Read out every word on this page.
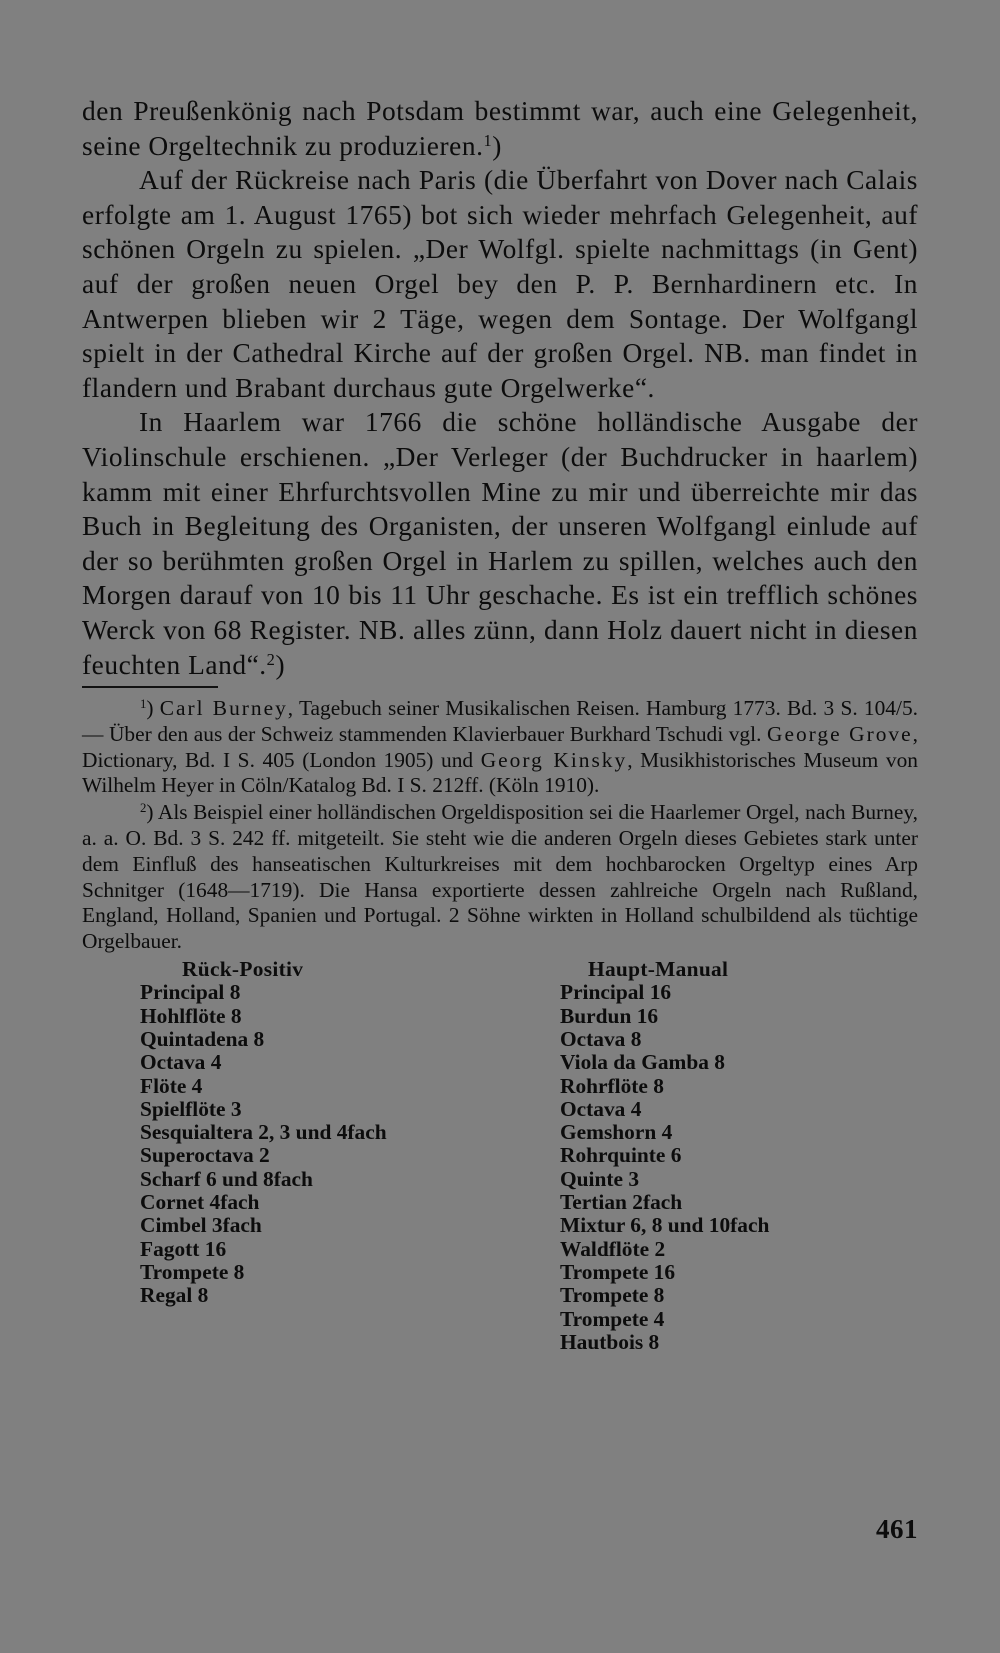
den Preußenkönig nach Potsdam bestimmt war, auch eine Gelegenheit, seine Orgeltechnik zu produzieren.$^1$)

Auf der Rückreise nach Paris (die Überfahrt von Dover nach Calais erfolgte am 1. August 1765) bot sich wieder mehrfach Gelegenheit, auf schönen Orgeln zu spielen. „Der Wolfgl. spielte nachmittags (in Gent) auf der großen neuen Orgel bey den P. P. Bernhardinern etc. In Antwerpen blieben wir 2 Täge, wegen dem Sontage. Der Wolfgangl spielt in der Cathedral Kirche auf der großen Orgel. NB. man findet in flandern und Brabant durchaus gute Orgelwerke“.

In Haarlem war 1766 die schöne holländische Ausgabe der Violinschule erschienen. „Der Verleger (der Buchdrucker in haarlem) kamm mit einer Ehrfurchtsvollen Mine zu mir und überreichte mir das Buch in Begleitung des Organisten, der unseren Wolfgangl einlude auf der so berühmten großen Orgel in Harlem zu spillen, welches auch den Morgen darauf von 10 bis 11 Uhr geschache. Es ist ein trefflich schönes Werck von 68 Register. NB. alles zünn, dann Holz dauert nicht in diesen feuchten Land“.$^2$)

$^1$) Carl Burney, Tagebuch seiner Musikalischen Reisen. Hamburg 1773. Bd. 3 S. 104/5. — Über den aus der Schweiz stammenden Klavierbauer Burkhard Tschudi vgl. George Grove, Dictionary, Bd. I S. 405 (London 1905) und Georg Kinsky, Musikhistorisches Museum von Wilhelm Heyer in Cöln/Katalog Bd. I S. 212ff. (Köln 1910).

$^2$) Als Beispiel einer holländischen Orgeldisposition sei die Haarlemer Orgel, nach Burney, a. a. O. Bd. 3 S. 242 ff. mitgeteilt. Sie steht wie die anderen Orgeln dieses Gebietes stark unter dem Einfluß des hanseatischen Kulturkreises mit dem hochbarocken Orgeltyp eines Arp Schnitger (1648—1719). Die Hansa exportierte dessen zahlreiche Orgeln nach Rußland, England, Holland, Spanien und Portugal. 2 Söhne wirkten in Holland schulbildend als tüchtige Orgelbauer.

Rück-Positiv
Principal 8
Hohlflöte 8
Quintadena 8
Octava 4
Flöte 4
Spielflöte 3
Sesquialtera 2, 3 und 4fach
Superoctava 2
Scharf 6 und 8fach
Cornet 4fach
Cimbel 3fach
Fagott 16
Trompete 8
Regal 8
Haupt-Manual
Principal 16
Burdun 16
Octava 8
Viola da Gamba 8
Rohrflöte 8
Octava 4
Gemshorn 4
Rohrquinte 6
Quinte 3
Tertian 2fach
Mixtur 6, 8 und 10fach
Waldflöte 2
Trompete 16
Trompete 8
Trompete 4
Hautbois 8
461
